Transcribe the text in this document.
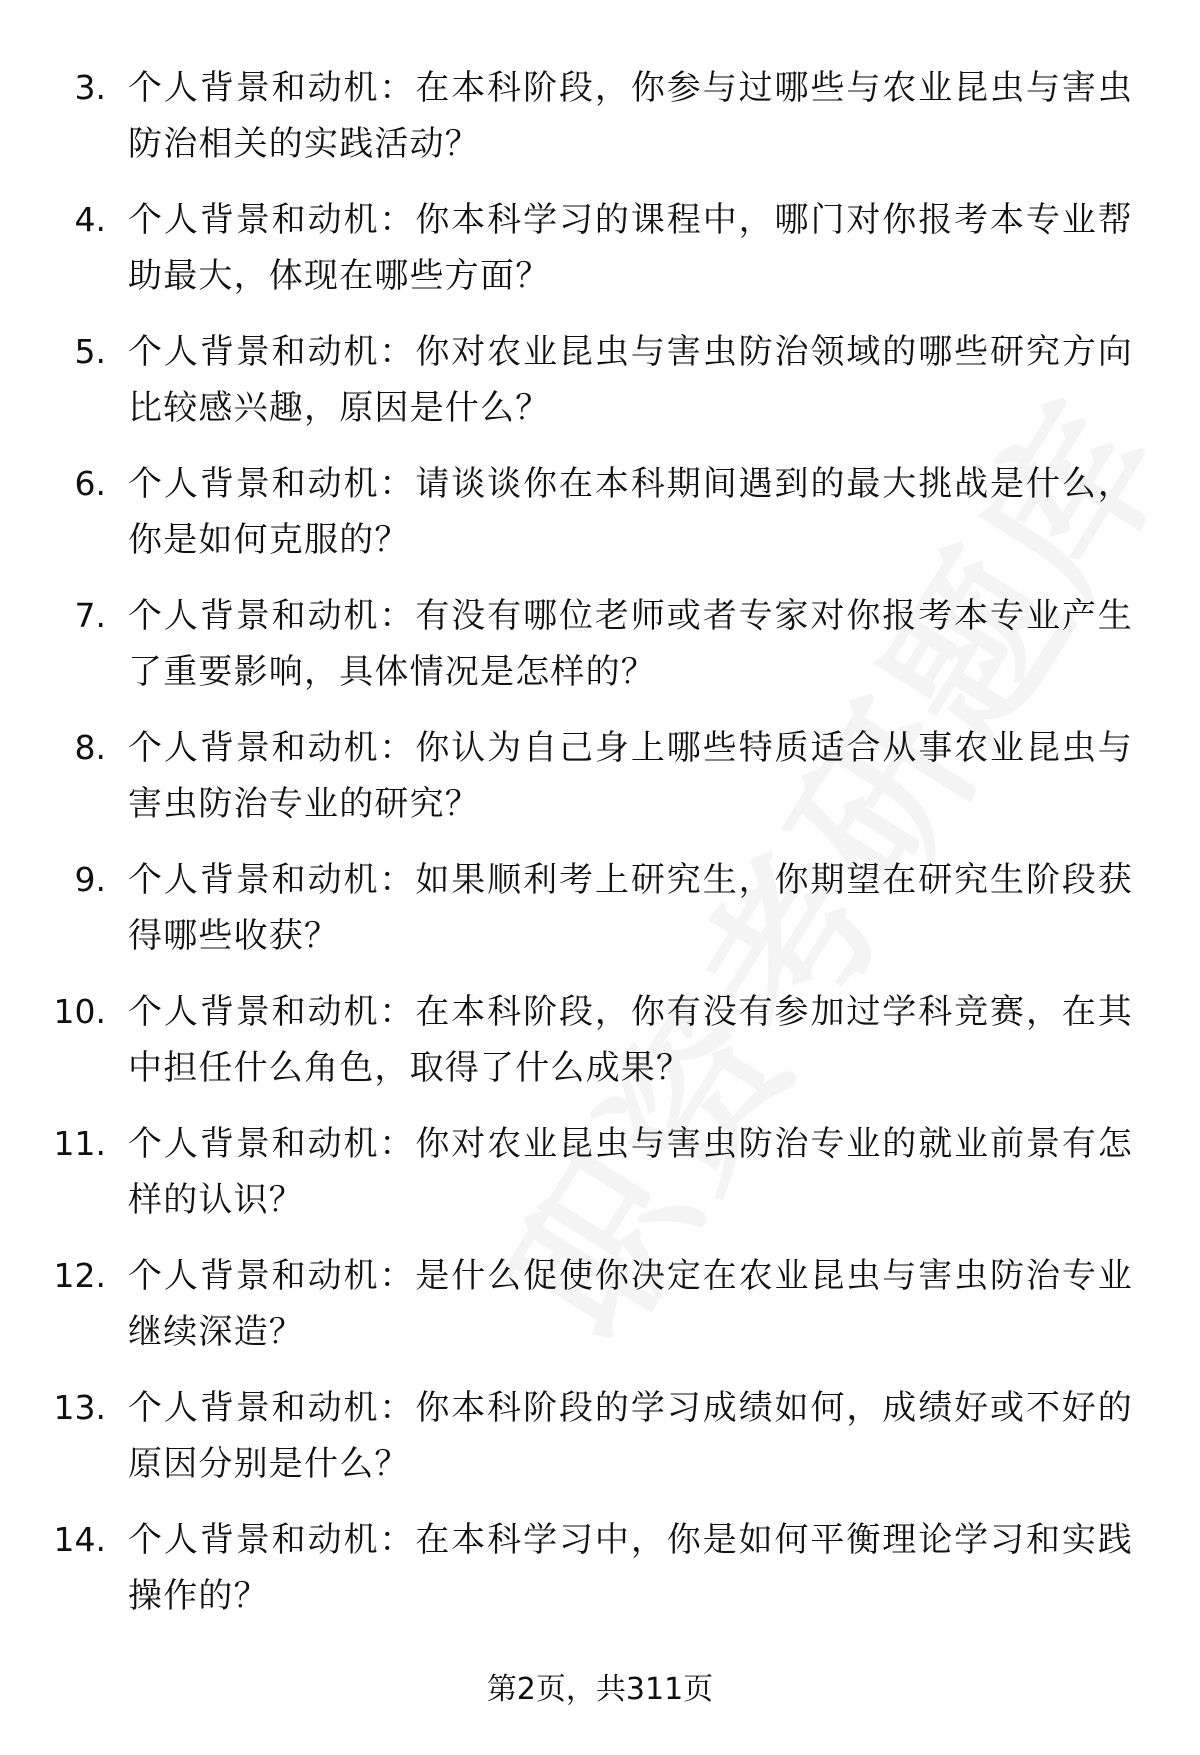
3. 个人背景和动机：在本科阶段，你参与过哪些与农业昆虫与害虫防治相关的实践活动？
4. 个人背景和动机：你本科学习的课程中，哪门对你报考本专业帮助最大，体现在哪些方面？
5. 个人背景和动机：你对农业昆虫与害虫防治领域的哪些研究方向比较感兴趣，原因是什么？
6. 个人背景和动机：请谈谈你在本科期间遇到的最大挑战是什么，你是如何克服的？
7. 个人背景和动机：有没有哪位老师或者专家对你报考本专业产生了重要影响，具体情况是怎样的？
8. 个人背景和动机：你认为自己身上哪些特质适合从事农业昆虫与害虫防治专业的研究？
9. 个人背景和动机：如果顺利考上研究生，你期望在研究生阶段获得哪些收获？
10. 个人背景和动机：在本科阶段，你有没有参加过学科竞赛，在其中担任什么角色，取得了什么成果？
11. 个人背景和动机：你对农业昆虫与害虫防治专业的就业前景有怎样的认识？
12. 个人背景和动机：是什么促使你决定在农业昆虫与害虫防治专业继续深造？
13. 个人背景和动机：你本科阶段的学习成绩如何，成绩好或不好的原因分别是什么？
14. 个人背景和动机：在本科学习中，你是如何平衡理论学习和实践操作的？
第2页，共311页
